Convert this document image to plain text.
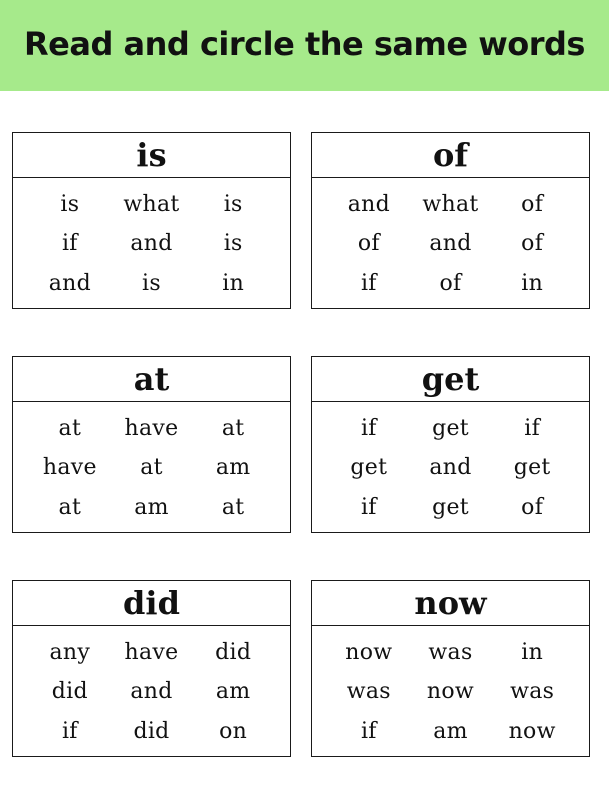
Read and circle the same words
is
is	what	is
if	and	is
and	is	in
of
and	what	of
of	and	of
if	of	in
at
at	have	at
have	at	am
at	am	at
get
if	get	if
get	and	get
if	get	of
did
any	have	did
did	and	am
if	did	on
now
now	was	in
was	now	was
if	am	now
